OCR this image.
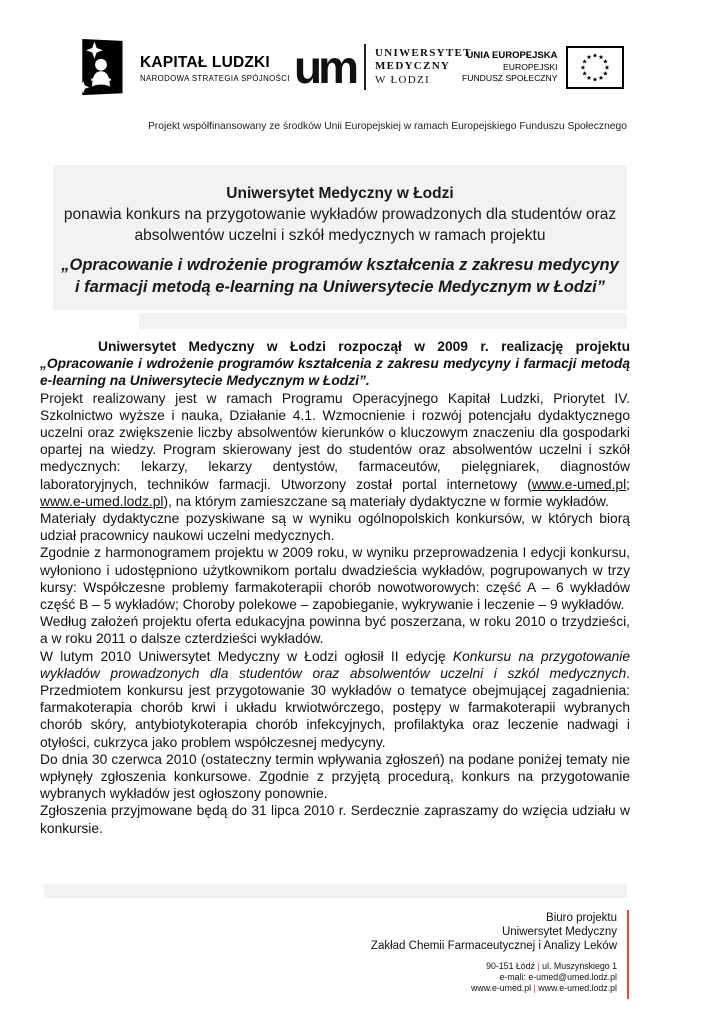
KAPITAŁ LUDZKI
NARODOWA STRATEGIA SPÓJNOŚCI um UNIWERSYTET
MEDYCZNY
W ŁODZI
UNIA EUROPEJSKA
EUROPEJSKI
FUNDUSZ SPOŁECZNY
Projekt współfinansowany ze środków Unii Europejskiej w ramach Europejskiego Funduszu Społecznego
Uniwersytet Medyczny w Łodzi
ponawia konkurs na przygotowanie wykładów prowadzonych dla studentów oraz absolwentów uczelni i szkół medycznych w ramach projektu
„Opracowanie i wdrożenie programów kształcenia z zakresu medycyny
i farmacji metodą e-learning na Uniwersytecie Medycznym w Łodzi”

Uniwersytet Medyczny w Łodzi rozpoczął w 2009 r. realizację projektu „Opracowanie i wdrożenie programów kształcenia z zakresu medycyny i farmacji metodą e-learning na Uniwersytecie Medycznym w Łodzi”.

Projekt realizowany jest w ramach Programu Operacyjnego Kapitał Ludzki, Priorytet IV. Szkolnictwo wyższe i nauka, Działanie 4.1. Wzmocnienie i rozwój potencjału dydaktycznego uczelni oraz zwiększenie liczby absolwentów kierunków o kluczowym znaczeniu dla gospodarki opartej na wiedzy. Program skierowany jest do studentów oraz absolwentów uczelni i szkół medycznych: lekarzy, lekarzy dentystów, farmaceutów, pielęgniarek, diagnostów laboratoryjnych, techników farmacji. Utworzony został portal internetowy (www.e-umed.pl; www.e-umed.lodz.pl), na którym zamieszczane są materiały dydaktyczne w formie wykładów.

Materiały dydaktyczne pozyskiwane są w wyniku ogólnopolskich konkursów, w których biorą udział pracownicy naukowi uczelni medycznych.

Zgodnie z harmonogramem projektu w 2009 roku, w wyniku przeprowadzenia I edycji konkursu, wyłoniono i udostępniono użytkownikom portalu dwadzieścia wykładów, pogrupowanych w trzy kursy: Współczesne problemy farmakoterapii chorób nowotworowych: część A – 6 wykładów część B – 5 wykładów; Choroby polekowe – zapobieganie, wykrywanie i leczenie – 9 wykładów.

Według założeń projektu oferta edukacyjna powinna być poszerzana, w roku 2010 o trzydzieści, a w roku 2011 o dalsze czterdzieści wykładów.

W lutym 2010 Uniwersytet Medyczny w Łodzi ogłosił II edycję Konkursu na przygotowanie wykładów prowadzonych dla studentów oraz absolwentów uczelni i szkól medycznych. Przedmiotem konkursu jest przygotowanie 30 wykładów o tematyce obejmującej zagadnienia: farmakoterapia chorób krwi i układu krwiotwórczego, postępy w farmakoterapii wybranych chorób skóry, antybiotykoterapia chorób infekcyjnych, profilaktyka oraz leczenie nadwagi i otyłości, cukrzyca jako problem współczesnej medycyny.

Do dnia 30 czerwca 2010 (ostateczny termin wpływania zgłoszeń) na podane poniżej tematy nie wpłynęły zgłoszenia konkursowe. Zgodnie z przyjętą procedurą, konkurs na przygotowanie wybranych wykładów jest ogłoszony ponownie.

Zgłoszenia przyjmowane będą do 31 lipca 2010 r. Serdecznie zapraszamy do wzięcia udziału w konkursie.

Biuro projektu
Uniwersytet Medyczny
Zakład Chemii Farmaceutycznej i Analizy Leków
90-151 Łódź | ul. Muszyńskiego 1
e-mali: e-umed@umed.lodz.pl
www.e-umed.pl | www.e-umed.lodz.pl
